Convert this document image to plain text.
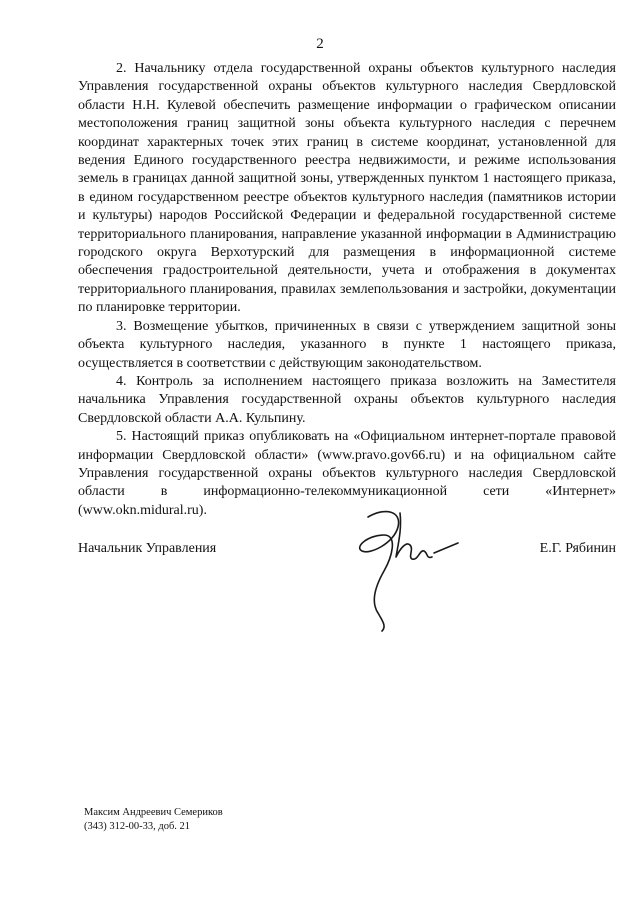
2

2. Начальнику отдела государственной охраны объектов культурного наследия Управления государственной охраны объектов культурного наследия Свердловской области Н.Н. Кулевой обеспечить размещение информации о графическом описании местоположения границ защитной зоны объекта культурного наследия с перечнем координат характерных точек этих границ в системе координат, установленной для ведения Единого государственного реестра недвижимости, и режиме использования земель в границах данной защитной зоны, утвержденных пунктом 1 настоящего приказа, в едином государственном реестре объектов культурного наследия (памятников истории и культуры) народов Российской Федерации и федеральной государственной системе территориального планирования, направление указанной информации в Администрацию городского округа Верхотурский для размещения в информационной системе обеспечения градостроительной деятельности, учета и отображения в документах территориального планирования, правилах землепользования и застройки, документации по планировке территории.

3. Возмещение убытков, причиненных в связи с утверждением защитной зоны объекта культурного наследия, указанного в пункте 1 настоящего приказа, осуществляется в соответствии с действующим законодательством.

4. Контроль за исполнением настоящего приказа возложить на Заместителя начальника Управления государственной охраны объектов культурного наследия Свердловской области А.А. Кульпину.

5. Настоящий приказ опубликовать на «Официальном интернет-портале правовой информации Свердловской области» (www.pravo.gov66.ru) и на официальном сайте Управления государственной охраны объектов культурного наследия Свердловской области в информационно-телекоммуникационной сети «Интернет» (www.okn.midural.ru).

Начальник Управления	Е.Г. Рябинин
Максим Андреевич Семериков
(343) 312-00-33, доб. 21
